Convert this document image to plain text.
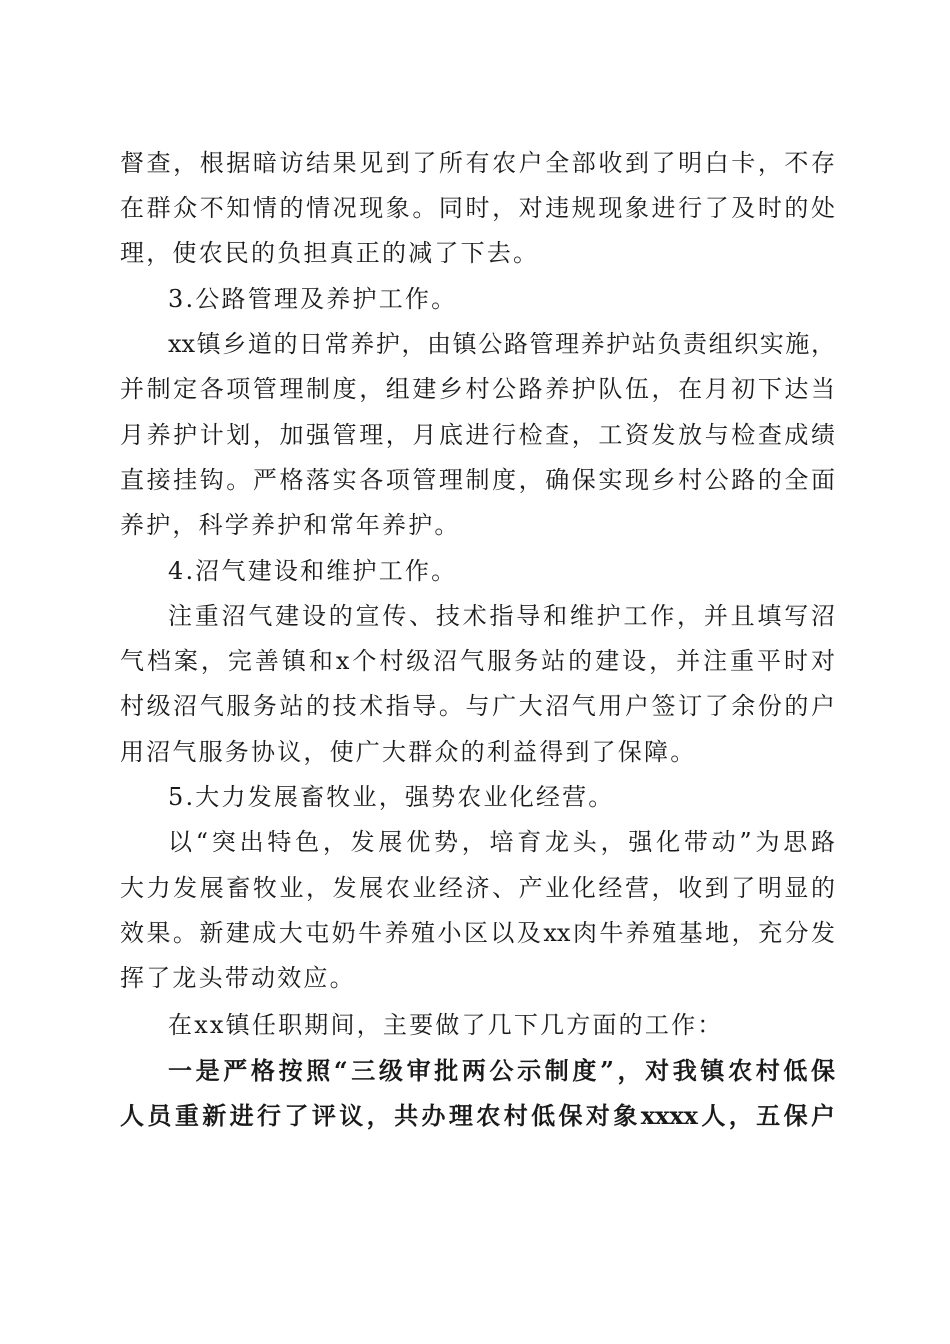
督查，根据暗访结果见到了所有农户全部收到了明白卡，不存
在群众不知情的情况现象。同时，对违规现象进行了及时的处
理，使农民的负担真正的减了下去。
3.公路管理及养护工作。
xx镇乡道的日常养护，由镇公路管理养护站负责组织实施，
并制定各项管理制度，组建乡村公路养护队伍，在月初下达当
月养护计划，加强管理，月底进行检查，工资发放与检查成绩
直接挂钩。严格落实各项管理制度，确保实现乡村公路的全面
养护，科学养护和常年养护。
4.沼气建设和维护工作。
注重沼气建设的宣传、技术指导和维护工作，并且填写沼
气档案，完善镇和x个村级沼气服务站的建设，并注重平时对
村级沼气服务站的技术指导。与广大沼气用户签订了余份的户
用沼气服务协议，使广大群众的利益得到了保障。
5.大力发展畜牧业，强势农业化经营。
以“突出特色，发展优势，培育龙头，强化带动”为思路
大力发展畜牧业，发展农业经济、产业化经营，收到了明显的
效果。新建成大屯奶牛养殖小区以及xx肉牛养殖基地，充分发
挥了龙头带动效应。
在xx镇任职期间，主要做了几下几方面的工作：
一是严格按照“三级审批两公示制度”，对我镇农村低保
人员重新进行了评议，共办理农村低保对象xxxx人，五保户
